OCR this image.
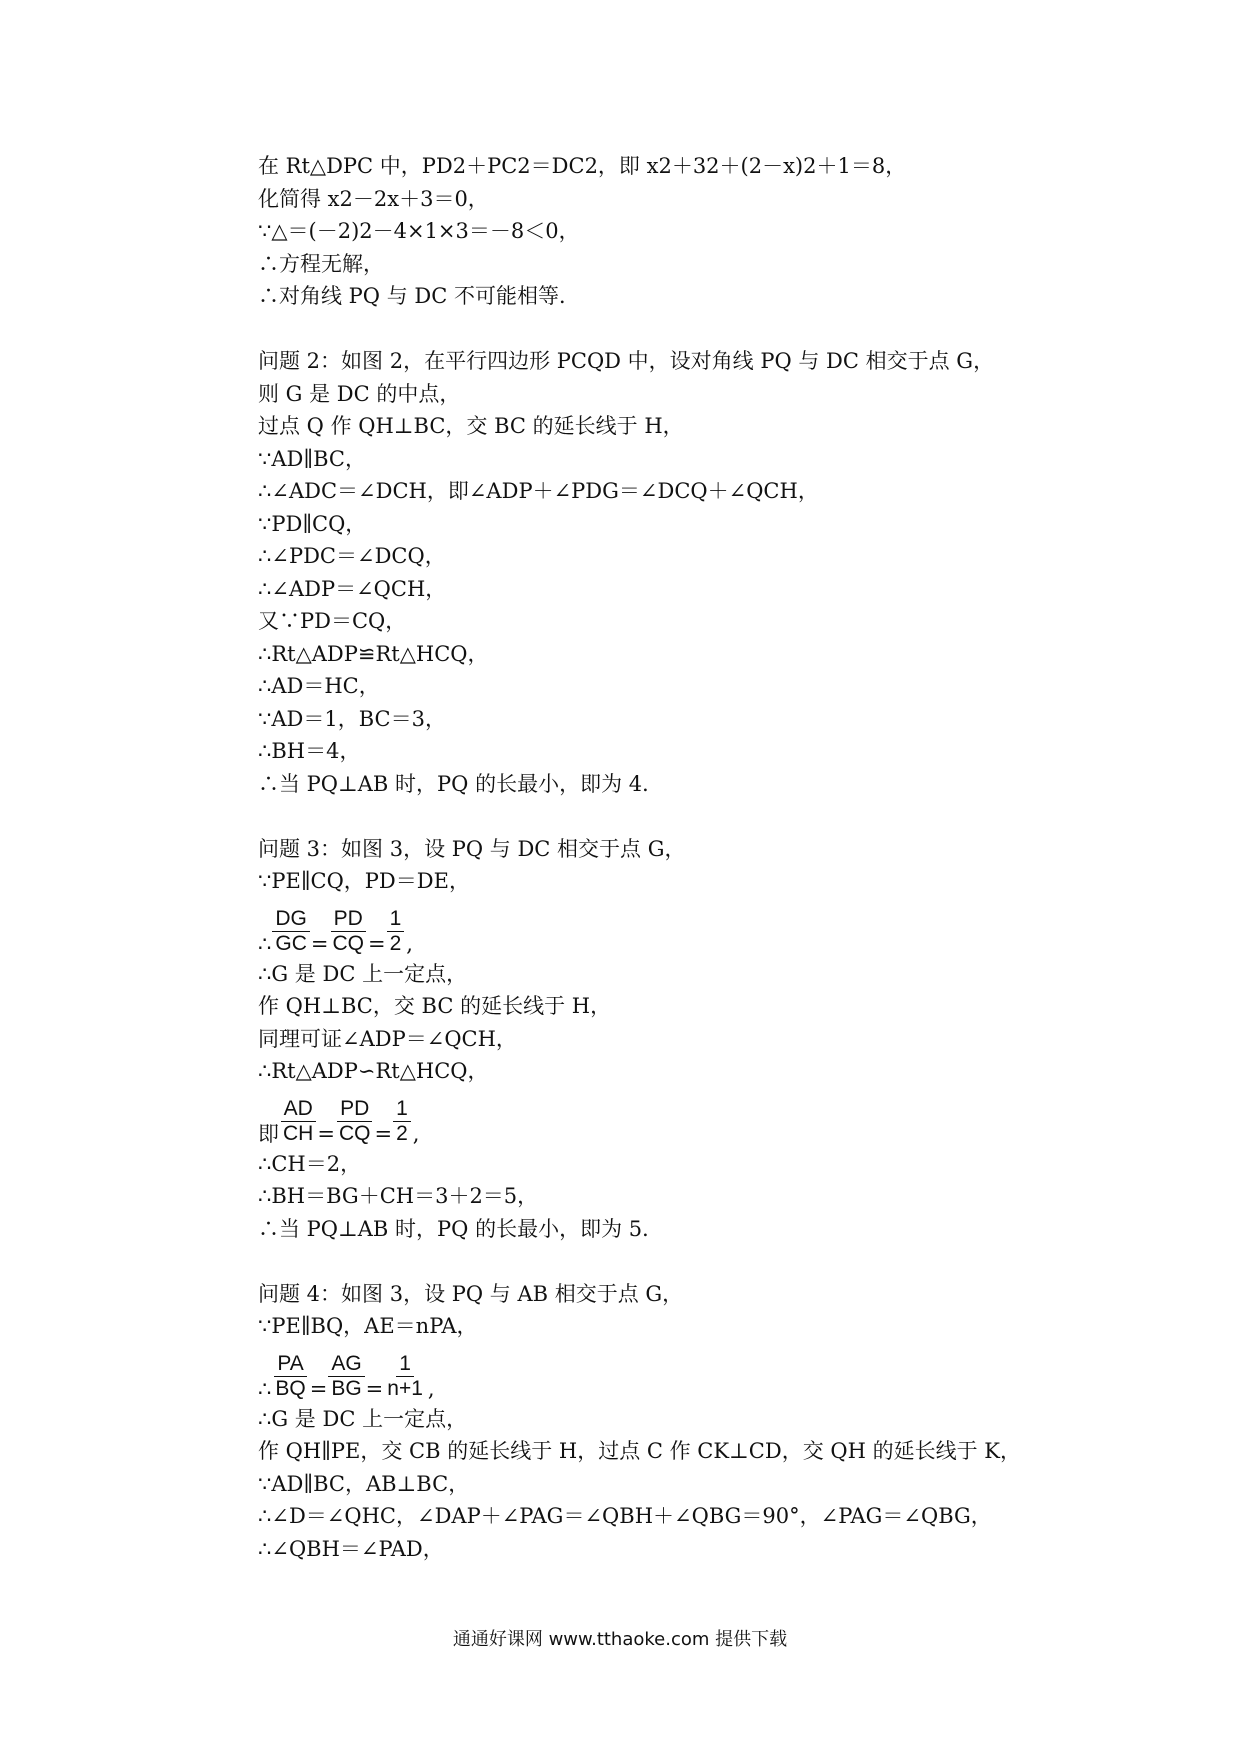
在 Rt△DPC 中，PD2＋PC2＝DC2，即 x2＋32＋(2－x)2＋1＝8，
化简得 x2－2x＋3＝0，
∵△＝(－2)2－4×1×3＝－8＜0，
∴方程无解，
∴对角线 PQ 与 DC 不可能相等．
问题 2：如图 2，在平行四边形 PCQD 中，设对角线 PQ 与 DC 相交于点 G，
则 G 是 DC 的中点，
过点 Q 作 QH⊥BC，交 BC 的延长线于 H，
∵AD∥BC，
∴∠ADC＝∠DCH，即∠ADP＋∠PDG＝∠DCQ＋∠QCH，
∵PD∥CQ，
∴∠PDC＝∠DCQ，
∴∠ADP＝∠QCH，
又∵PD＝CQ，
∴Rt△ADP≌Rt△HCQ，
∴AD＝HC，
∵AD＝1，BC＝3，
∴BH＝4，
∴当 PQ⊥AB 时，PQ 的长最小，即为 4．
问题 3：如图 3，设 PQ 与 DC 相交于点 G，
∵PE∥CQ，PD＝DE，
∴ $\frac{DG}{GC} = \frac{PD}{CQ} = \frac{1}{2}$ ,
∴G 是 DC 上一定点，
作 QH⊥BC，交 BC 的延长线于 H，
同理可证∠ADP＝∠QCH，
∴Rt△ADP∽Rt△HCQ，
即 $\frac{AD}{CH} = \frac{PD}{CQ} = \frac{1}{2}$ ,
∴CH＝2，
∴BH＝BG＋CH＝3＋2＝5，
∴当 PQ⊥AB 时，PQ 的长最小，即为 5．
问题 4：如图 3，设 PQ 与 AB 相交于点 G，
∵PE∥BQ，AE＝nPA，
∴ $\frac{PA}{BQ} = \frac{AG}{BG} = \frac{1}{n+1}$ ,
∴G 是 DC 上一定点，
作 QH∥PE，交 CB 的延长线于 H，过点 C 作 CK⊥CD，交 QH 的延长线于 K，
∵AD∥BC，AB⊥BC，
∴∠D＝∠QHC，∠DAP＋∠PAG＝∠QBH＋∠QBG＝90°，∠PAG＝∠QBG，
∴∠QBH＝∠PAD，
通通好课网 www.tthaoke.com 提供下载
